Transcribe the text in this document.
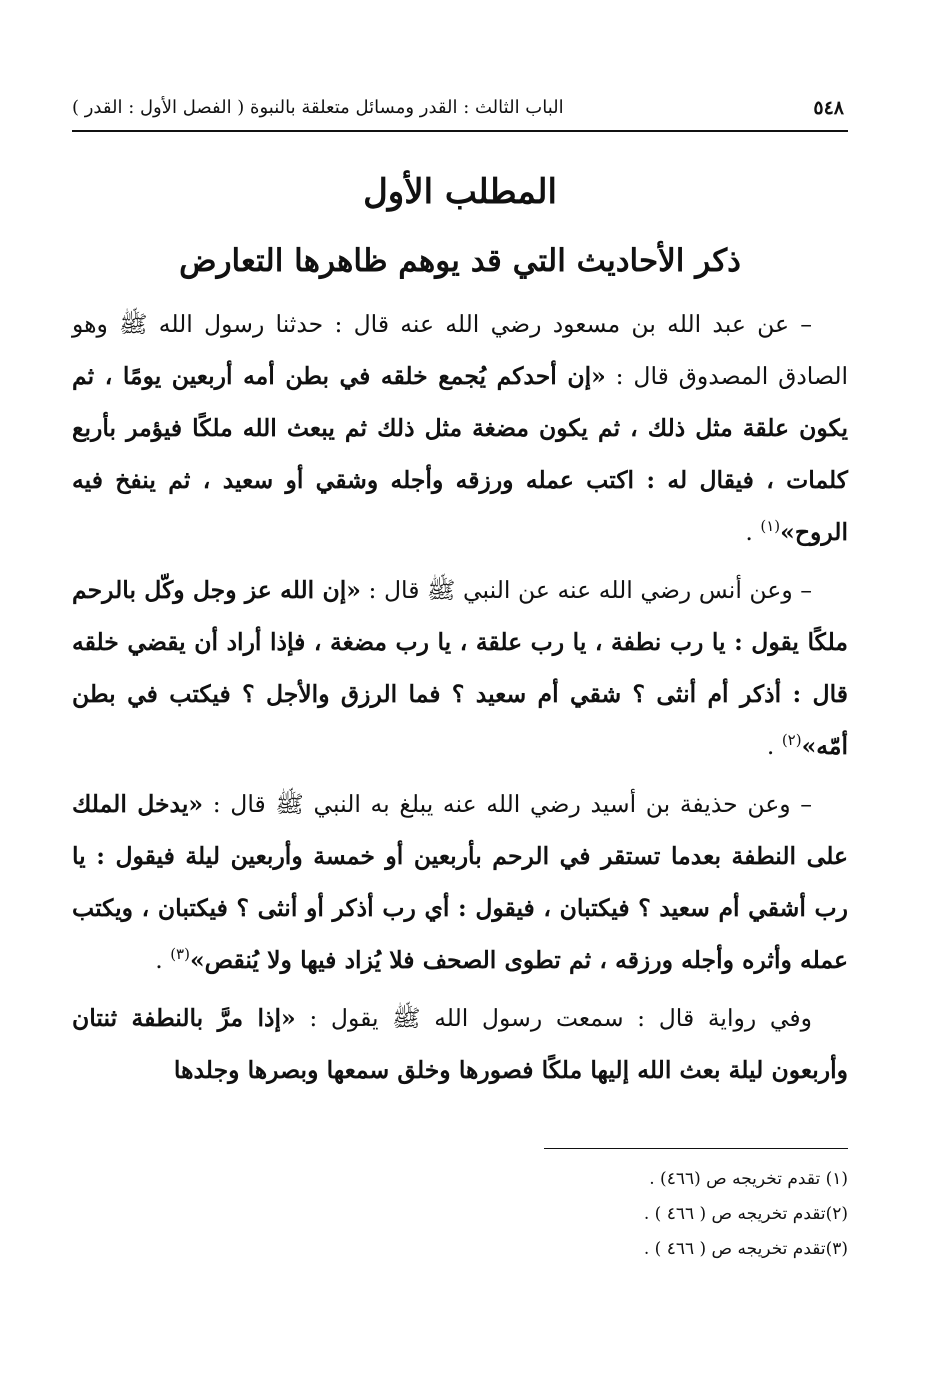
٥٤٨
الباب الثالث : القدر ومسائل متعلقة بالنبوة ( الفصل الأول : القدر )
المطلب الأول
ذكر الأحاديث التي قد يوهم ظاهرها التعارض

– عن عبد الله بن مسعود رضي الله عنه قال : حدثنا رسول الله ﷺ وهو الصادق المصدوق قال : «إن أحدكم يُجمع خلقه في بطن أمه أربعين يومًا ، ثم يكون علقة مثل ذلك ، ثم يكون مضغة مثل ذلك ثم يبعث الله ملكًا فيؤمر بأربع كلمات ، فيقال له : اكتب عمله ورزقه وأجله وشقي أو سعيد ، ثم ينفخ فيه الروح»$^{(١)}$ .

– وعن أنس رضي الله عنه عن النبي ﷺ قال : «إن الله عز وجل وكّل بالرحم ملكًا يقول : يا رب نطفة ، يا رب علقة ، يا رب مضغة ، فإذا أراد أن يقضي خلقه قال : أذكر أم أنثى ؟ شقي أم سعيد ؟ فما الرزق والأجل ؟ فيكتب في بطن أمّه»$^{(٢)}$ .

– وعن حذيفة بن أسيد رضي الله عنه يبلغ به النبي ﷺ قال : «يدخل الملك على النطفة بعدما تستقر في الرحم بأربعين أو خمسة وأربعين ليلة فيقول : يا رب أشقي أم سعيد ؟ فيكتبان ، فيقول : أي رب أذكر أو أنثى ؟ فيكتبان ، ويكتب عمله وأثره وأجله ورزقه ، ثم تطوى الصحف فلا يُزاد فيها ولا يُنقص»$^{(٣)}$ .

وفي رواية قال : سمعت رسول الله ﷺ يقول : «إذا مرَّ بالنطفة ثنتان وأربعون ليلة بعث الله إليها ملكًا فصورها وخلق سمعها وبصرها وجلدها

(١) تقدم تخريجه ص (٤٦٦) .
(٢)تقدم تخريجه ص ( ٤٦٦ ) .
(٣)تقدم تخريجه ص ( ٤٦٦ ) .
